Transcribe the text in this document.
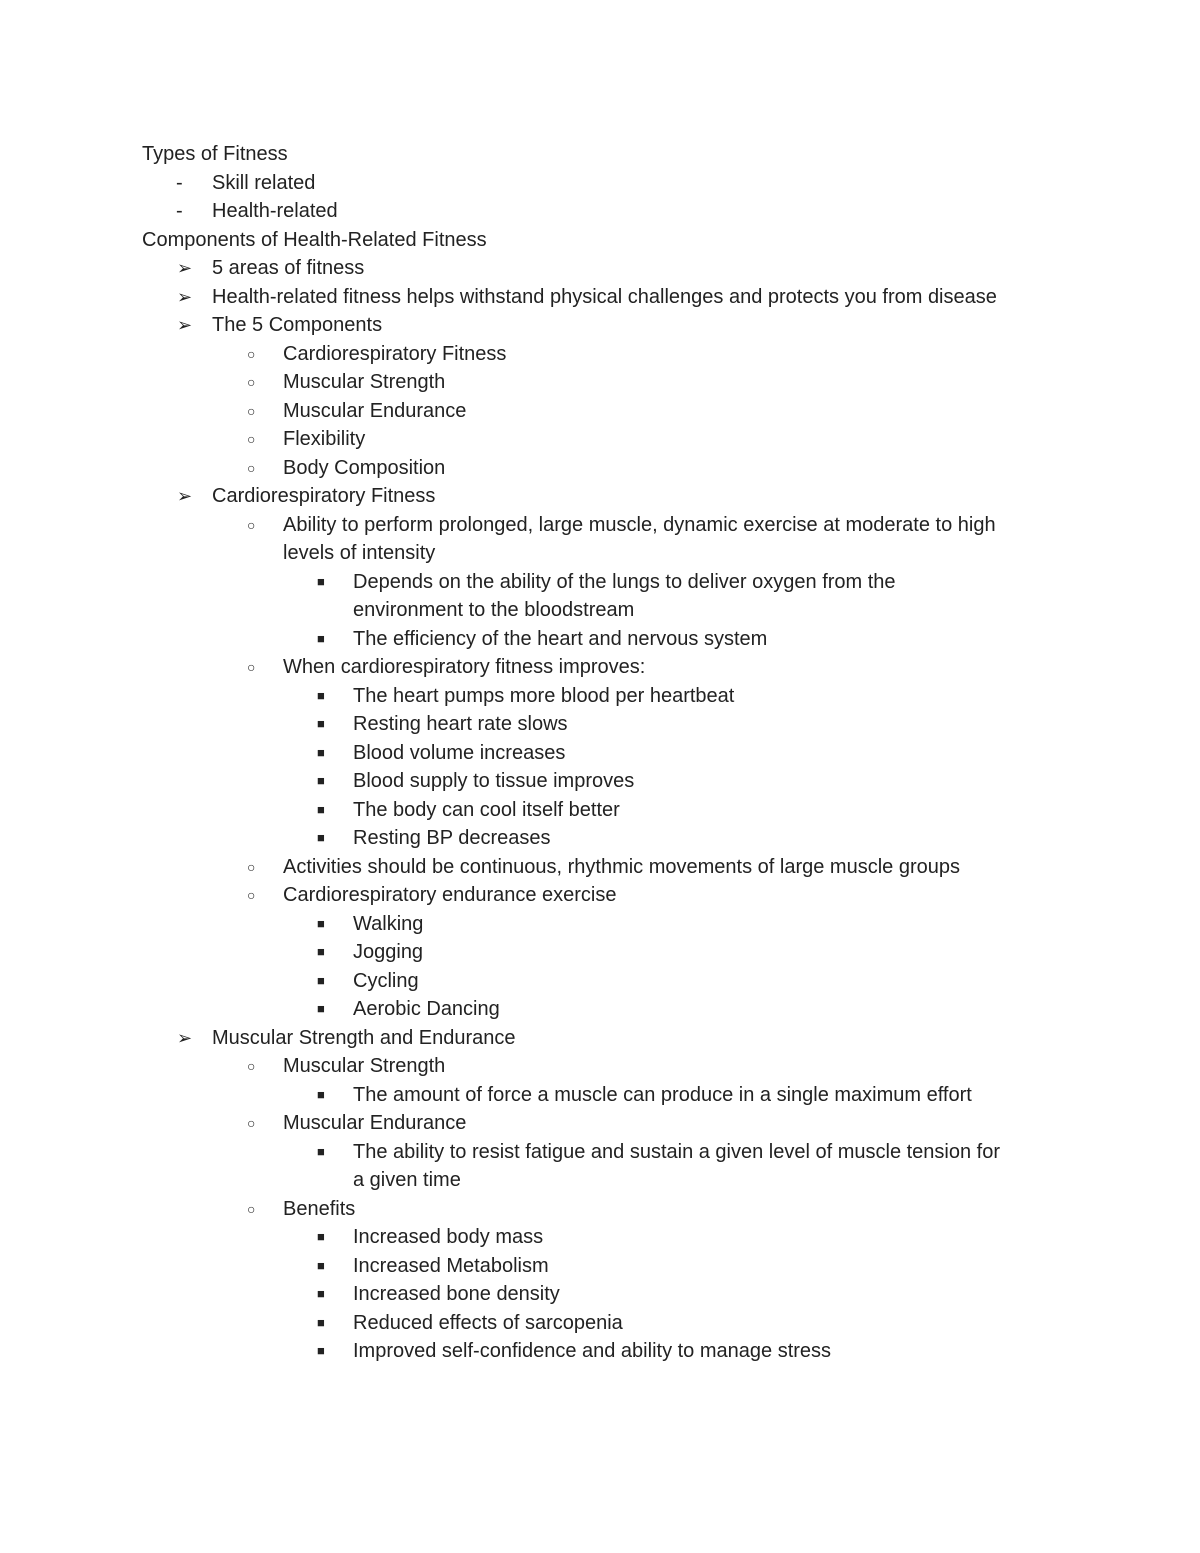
Types of Fitness
- Skill related
- Health-related
Components of Health-Related Fitness
➢ 5 areas of fitness
➢ Health-related fitness helps withstand physical challenges and protects you from disease
➢ The 5 Components
○ Cardiorespiratory Fitness
○ Muscular Strength
○ Muscular Endurance
○ Flexibility
○ Body Composition
➢ Cardiorespiratory Fitness
○ Ability to perform prolonged, large muscle, dynamic exercise at moderate to high
levels of intensity
■ Depends on the ability of the lungs to deliver oxygen from the
environment to the bloodstream
■ The efficiency of the heart and nervous system
○ When cardiorespiratory fitness improves:
■ The heart pumps more blood per heartbeat
■ Resting heart rate slows
■ Blood volume increases
■ Blood supply to tissue improves
■ The body can cool itself better
■ Resting BP decreases
○ Activities should be continuous, rhythmic movements of large muscle groups
○ Cardiorespiratory endurance exercise
■ Walking
■ Jogging
■ Cycling
■ Aerobic Dancing
➢ Muscular Strength and Endurance
○ Muscular Strength
■ The amount of force a muscle can produce in a single maximum effort
○ Muscular Endurance
■ The ability to resist fatigue and sustain a given level of muscle tension for
a given time
○ Benefits
■ Increased body mass
■ Increased Metabolism
■ Increased bone density
■ Reduced effects of sarcopenia
■ Improved self-confidence and ability to manage stress
